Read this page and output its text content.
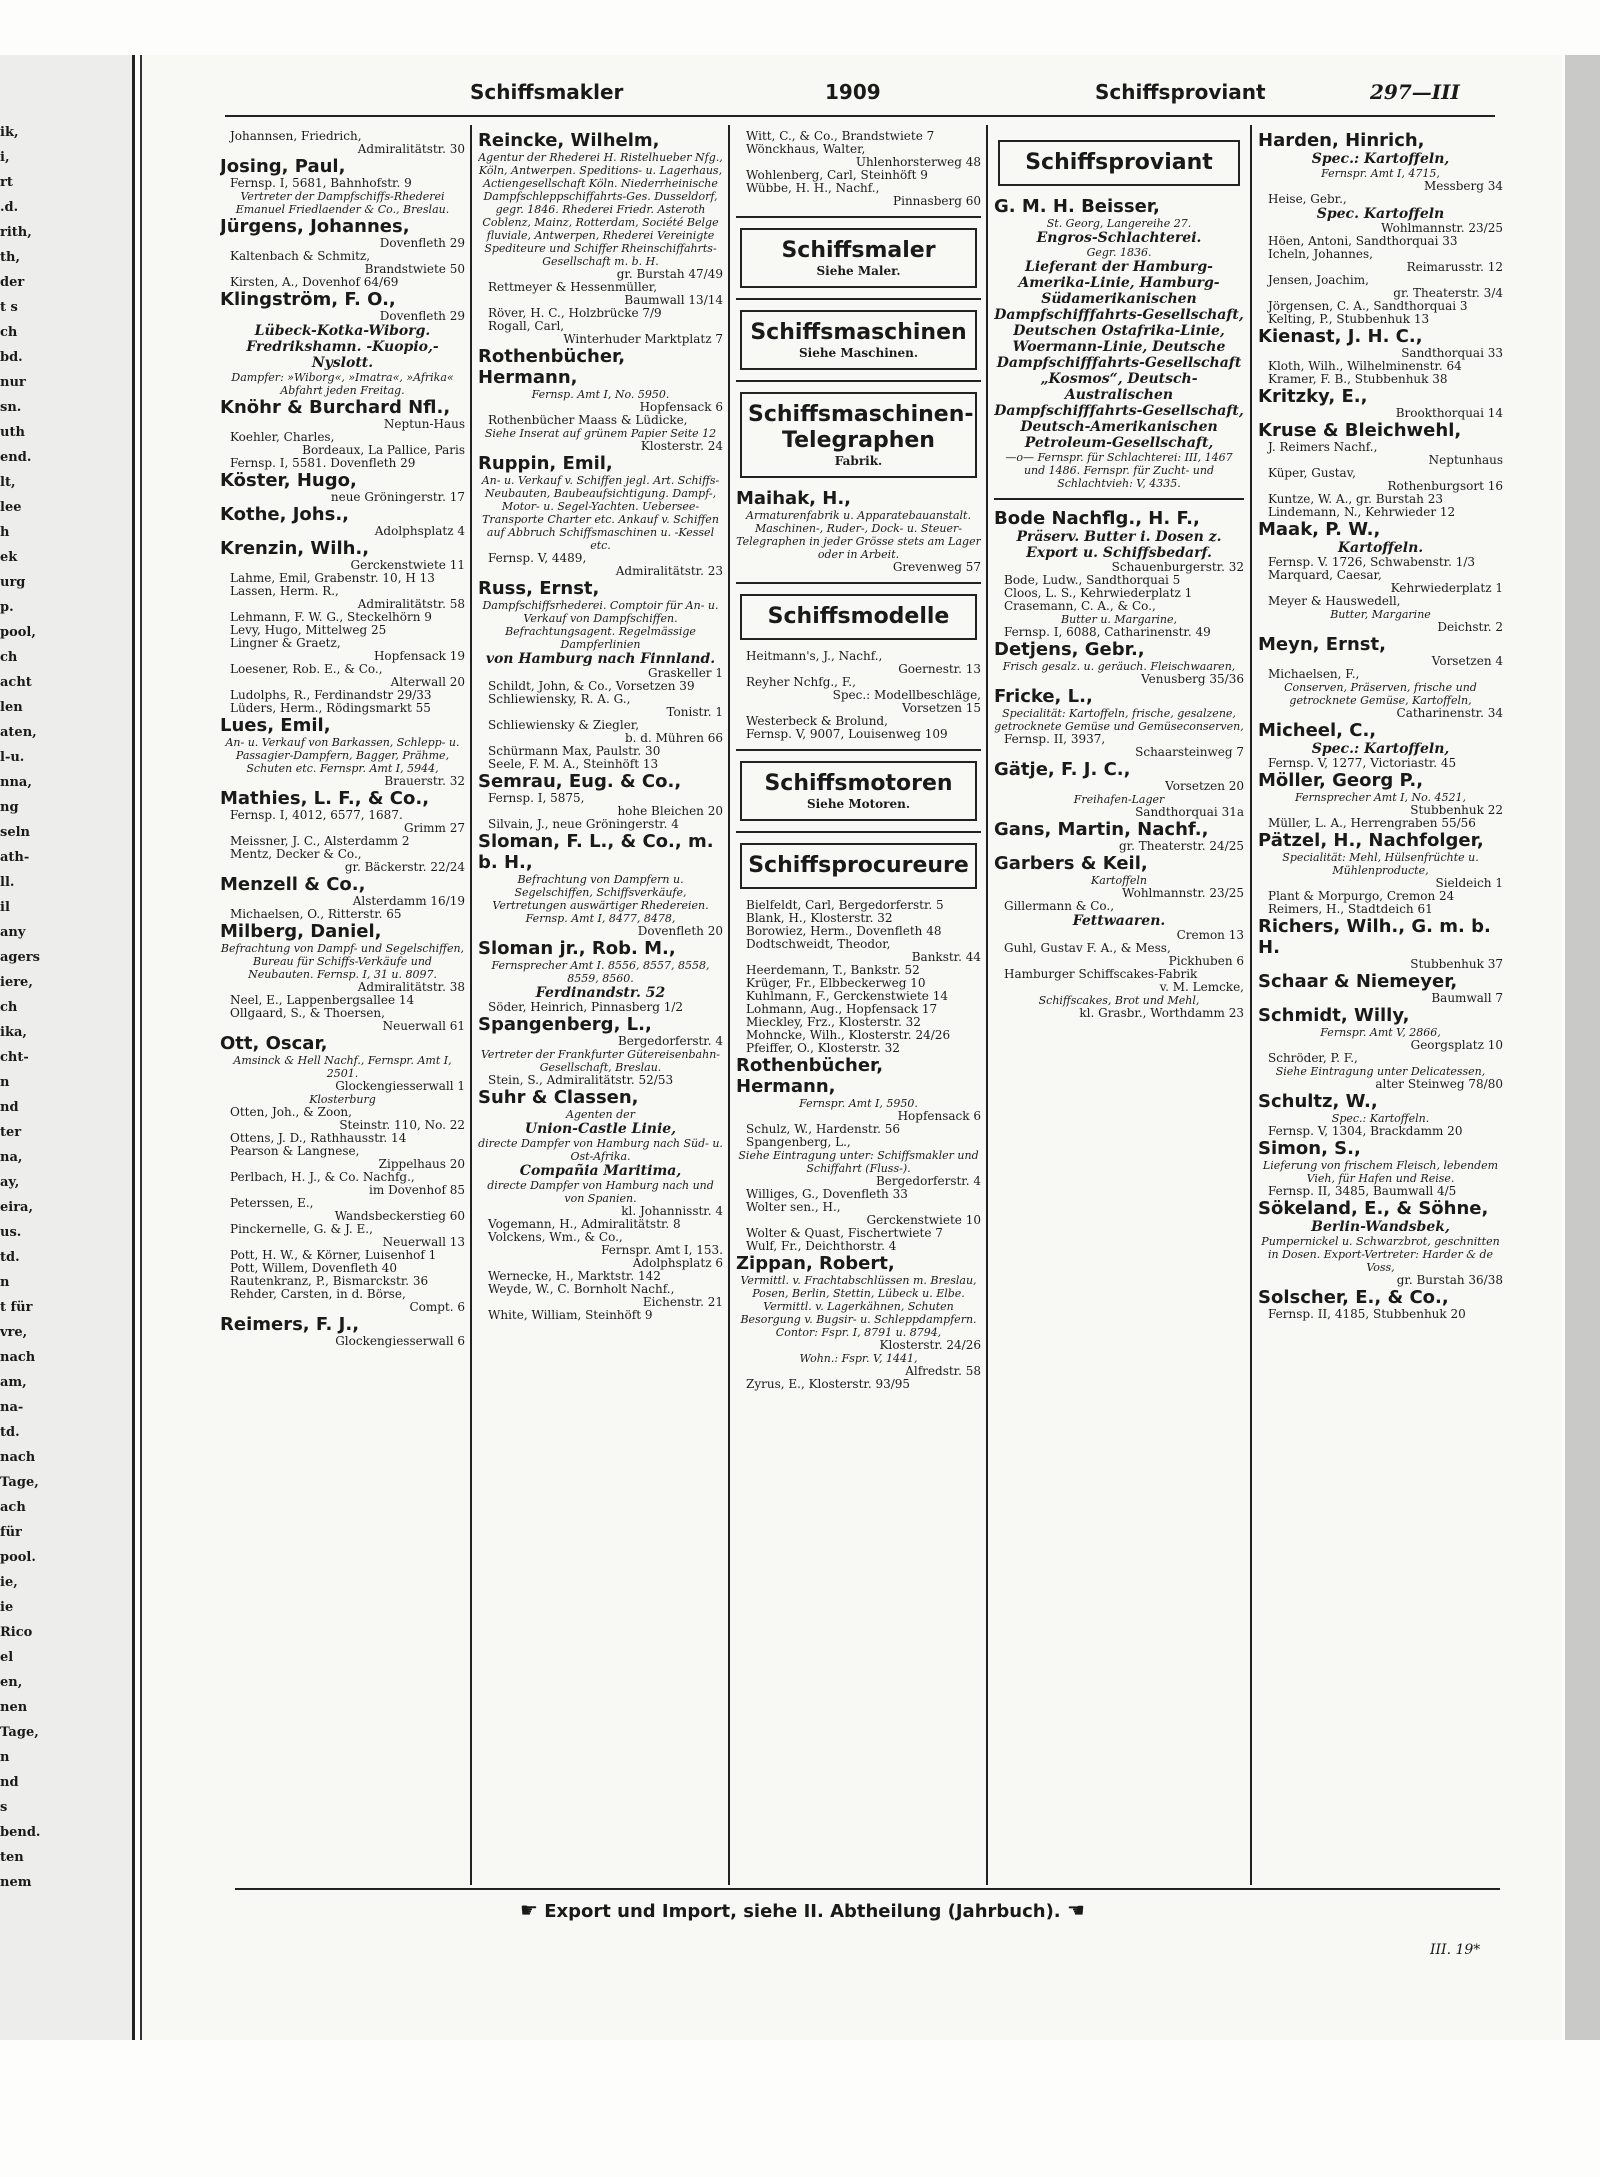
ik,
i,
rt
.d.
rith,
th,
der
t s
ch
bd.
nur
sn.
uth
end.
lt,
lee
h
ek
urg
p.
pool,
ch
acht
len
aten,
l-u.
nna,
ng
seln
ath-
ll.
il
any
agers
iere,
ch
ika,
cht-
n
nd
ter
na,
ay,
eira,
us.
td.
n
t für
vre,
nach
am,
na-
td.
nach
Tage,
ach
für
pool.
ie,
ie
Rico
el
en,
nen
Tage,
n
nd
s
bend.
ten
nem
Schiffsmakler	1909	Schiffsproviant	297—III
Johannsen, Friedrich,
Admiralitätstr. 30
Josing, Paul,
Fernsp. I, 5681, Bahnhofstr. 9
Vertreter der Dampfschiffs-Rhederei Emanuel Friedlaender & Co., Breslau.
Jürgens, Johannes,
Dovenfleth 29
Kaltenbach & Schmitz,
Brandstwiete 50
Kirsten, A., Dovenhof 64/69
Klingström, F. O.,
Dovenfleth 29
Lübeck-Kotka-Wiborg.
Fredrikshamn. -Kuopio,-Nyslott.
Dampfer: »Wiborg«, »Imatra«, »Afrika« Abfahrt jeden Freitag.
Knöhr & Burchard Nfl.,
Neptun-Haus
Koehler, Charles,
Bordeaux, La Pallice, Paris
Fernsp. I, 5581. Dovenfleth 29
Köster, Hugo,
neue Gröningerstr. 17
Kothe, Johs.,
Adolphsplatz 4
Krenzin, Wilh.,
Gerckenstwiete 11
Lahme, Emil, Grabenstr. 10, H 13
Lassen, Herm. R.,
Admiralitätstr. 58
Lehmann, F. W. G., Steckelhörn 9
Levy, Hugo, Mittelweg 25
Lingner & Graetz,
Hopfensack 19
Loesener, Rob. E., & Co.,
Alterwall 20
Ludolphs, R., Ferdinandstr 29/33
Lüders, Herm., Rödingsmarkt 55
Lues, Emil,
An- u. Verkauf von Barkassen, Schlepp- u. Passagier-Dampfern, Bagger, Prähme, Schuten etc. Fernspr. Amt I, 5944,
Brauerstr. 32
Mathies, L. F., & Co.,
Fernsp. I, 4012, 6577, 1687.
Grimm 27
Meissner, J. C., Alsterdamm 2
Mentz, Decker & Co.,
gr. Bäckerstr. 22/24
Menzell & Co.,
Alsterdamm 16/19
Michaelsen, O., Ritterstr. 65
Milberg, Daniel,
Befrachtung von Dampf- und Segelschiffen, Bureau für Schiffs-Verkäufe und Neubauten. Fernsp. I, 31 u. 8097.
Admiralitätstr. 38
Neel, E., Lappenbergsallee 14
Ollgaard, S., & Thoersen,
Neuerwall 61
Ott, Oscar,
Amsinck & Hell Nachf., Fernspr. Amt I, 2501.
Glockengiesserwall 1
Klosterburg
Otten, Joh., & Zoon,
Steinstr. 110, No. 22
Ottens, J. D., Rathhausstr. 14
Pearson & Langnese,
Zippelhaus 20
Perlbach, H. J., & Co. Nachfg.,
im Dovenhof 85
Peterssen, E.,
Wandsbeckerstieg 60
Pinckernelle, G. & J. E.,
Neuerwall 13
Pott, H. W., & Körner, Luisenhof 1
Pott, Willem, Dovenfleth 40
Rautenkranz, P., Bismarckstr. 36
Rehder, Carsten, in d. Börse,
Compt. 6
Reimers, F. J.,
Glockengiesserwall 6
Reincke, Wilhelm,
Agentur der Rhederei H. Ristelhueber Nfg., Köln, Antwerpen. Speditions- u. Lagerhaus, Actiengesellschaft Köln. Niederrheinische Dampfschleppschiffahrts-Ges. Dusseldorf, gegr. 1846. Rhederei Friedr. Asteroth Coblenz, Mainz, Rotterdam, Société Belge fluviale, Antwerpen, Rhederei Vereinigte Spediteure und Schiffer Rheinschiffahrts-Gesellschaft m. b. H.
gr. Burstah 47/49
Rettmeyer & Hessenmüller,
Baumwall 13/14
Röver, H. C., Holzbrücke 7/9
Rogall, Carl,
Winterhuder Marktplatz 7
Rothenbücher, Hermann,
Fernsp. Amt I, No. 5950.
Hopfensack 6
Rothenbücher Maass & Lüdicke,
Siehe Inserat auf grünem Papier Seite 12
Klosterstr. 24
Ruppin, Emil,
An- u. Verkauf v. Schiffen jegl. Art. Schiffs-Neubauten, Baubeaufsichtigung. Dampf-, Motor- u. Segel-Yachten. Uebersee-Transporte Charter etc. Ankauf v. Schiffen auf Abbruch Schiffsmaschinen u. -Kessel etc.
Fernsp. V, 4489,
Admiralitätstr. 23
Russ, Ernst,
Dampfschiffsrhederei. Comptoir für An- u. Verkauf von Dampfschiffen. Befrachtungsagent. Regelmässige Dampferlinien
von Hamburg nach Finnland.
Graskeller 1
Schildt, John, & Co., Vorsetzen 39
Schliewiensky, R. A. G.,
Tonistr. 1
Schliewiensky & Ziegler,
b. d. Mühren 66
Schürmann Max, Paulstr. 30
Seele, F. M. A., Steinhöft 13
Semrau, Eug. & Co.,
Fernsp. I, 5875,
hohe Bleichen 20
Silvain, J., neue Gröningerstr. 4
Sloman, F. L., & Co., m. b. H.,
Befrachtung von Dampfern u. Segelschiffen, Schiffsverkäufe, Vertretungen auswärtiger Rhedereien. Fernsp. Amt I, 8477, 8478,
Dovenfleth 20
Sloman jr., Rob. M.,
Fernsprecher Amt I. 8556, 8557, 8558, 8559, 8560.
Ferdinandstr. 52
Söder, Heinrich, Pinnasberg 1/2
Spangenberg, L.,
Bergedorferstr. 4
Vertreter der Frankfurter Gütereisenbahn-Gesellschaft, Breslau.
Stein, S., Admiralitätstr. 52/53
Suhr & Classen,
Agenten der
Union-Castle Linie,
directe Dampfer von Hamburg nach Süd- u. Ost-Afrika.
Compañia Maritima,
directe Dampfer von Hamburg nach und von Spanien.
kl. Johannisstr. 4
Vogemann, H., Admiralitätstr. 8
Volckens, Wm., & Co.,
Fernspr. Amt I, 153.
Adolphsplatz 6
Wernecke, H., Marktstr. 142
Weyde, W., C. Bornholt Nachf.,
Eichenstr. 21
White, William, Steinhöft 9
Witt, C., & Co., Brandstwiete 7
Wönckhaus, Walter,
Uhlenhorsterweg 48
Wohlenberg, Carl, Steinhöft 9
Wübbe, H. H., Nachf.,
Pinnasberg 60
Schiffsmaler
Siehe Maler.
Schiffsmaschinen
Siehe Maschinen.
Schiffsmaschinen-Telegraphen
Fabrik.
Maihak, H.,
Armaturenfabrik u. Apparatebauanstalt. Maschinen-, Ruder-, Dock- u. Steuer-Telegraphen in jeder Grösse stets am Lager oder in Arbeit.
Grevenweg 57
Schiffsmodelle
Heitmann's, J., Nachf.,
Goernestr. 13
Reyher Nchfg., F.,
Spec.: Modellbeschläge,
Vorsetzen 15
Westerbeck & Brolund,
Fernsp. V, 9007, Louisenweg 109
Schiffsmotoren
Siehe Motoren.
Schiffsprocureure
Bielfeldt, Carl, Bergedorferstr. 5
Blank, H., Klosterstr. 32
Borowiez, Herm., Dovenfleth 48
Dodtschweidt, Theodor,
Bankstr. 44
Heerdemann, T., Bankstr. 52
Krüger, Fr., Elbbeckerweg 10
Kuhlmann, F., Gerckenstwiete 14
Lohmann, Aug., Hopfensack 17
Mieckley, Frz., Klosterstr. 32
Mohncke, Wilh., Klosterstr. 24/26
Pfeiffer, O., Klosterstr. 32
Rothenbücher, Hermann,
Fernspr. Amt I, 5950.
Hopfensack 6
Schulz, W., Hardenstr. 56
Spangenberg, L.,
Siehe Eintragung unter: Schiffsmakler und Schiffahrt (Fluss-).
Bergedorferstr. 4
Williges, G., Dovenfleth 33
Wolter sen., H.,
Gerckenstwiete 10
Wolter & Quast, Fischertwiete 7
Wulf, Fr., Deichthorstr. 4
Zippan, Robert,
Vermittl. v. Frachtabschlüssen m. Breslau, Posen, Berlin, Stettin, Lübeck u. Elbe. Vermittl. v. Lagerkähnen, Schuten Besorgung v. Bugsir- u. Schleppdampfern. Contor: Fspr. I, 8791 u. 8794,
Klosterstr. 24/26
Wohn.: Fspr. V, 1441,
Alfredstr. 58
Zyrus, E., Klosterstr. 93/95
Schiffsproviant
G. M. H. Beisser,
St. Georg, Langereihe 27.
Engros-Schlachterei.
Gegr. 1836.
Lieferant der Hamburg-Amerika-Linie, Hamburg-Südamerikanischen Dampfschifffahrts-Gesellschaft, Deutschen Ostafrika-Linie, Woermann-Linie, Deutsche Dampfschifffahrts-Gesellschaft „Kosmos“, Deutsch-Australischen Dampfschifffahrts-Gesellschaft, Deutsch-Amerikanischen Petroleum-Gesellschaft,
—o— Fernspr. für Schlachterei: III, 1467 und 1486. Fernspr. für Zucht- und Schlachtvieh: V, 4335.
Bode Nachflg., H. F.,
Präserv. Butter i. Dosen z. Export u. Schiffsbedarf.
Schauenburgerstr. 32
Bode, Ludw., Sandthorquai 5
Cloos, L. S., Kehrwiederplatz 1
Crasemann, C. A., & Co.,
Butter u. Margarine,
Fernsp. I, 6088, Catharinenstr. 49
Detjens, Gebr.,
Frisch gesalz. u. geräuch. Fleischwaaren,
Venusberg 35/36
Fricke, L.,
Specialität: Kartoffeln, frische, gesalzene, getrocknete Gemüse und Gemüseconserven,
Fernsp. II, 3937,
Schaarsteinweg 7
Gätje, F. J. C.,
Vorsetzen 20
Freihafen-Lager
Sandthorquai 31a
Gans, Martin, Nachf.,
gr. Theaterstr. 24/25
Garbers & Keil,
Kartoffeln
Wohlmannstr. 23/25
Gillermann & Co.,
Fettwaaren.
Cremon 13
Guhl, Gustav F. A., & Mess,
Pickhuben 6
Hamburger Schiffscakes-Fabrik
v. M. Lemcke,
Schiffscakes, Brot und Mehl,
kl. Grasbr., Worthdamm 23
Harden, Hinrich,
Spec.: Kartoffeln,
Fernspr. Amt I, 4715,
Messberg 34
Heise, Gebr.,
Spec. Kartoffeln
Wohlmannstr. 23/25
Höen, Antoni, Sandthorquai 33
Icheln, Johannes,
Reimarusstr. 12
Jensen, Joachim,
gr. Theaterstr. 3/4
Jörgensen, C. A., Sandthorquai 3
Kelting, P., Stubbenhuk 13
Kienast, J. H. C.,
Sandthorquai 33
Kloth, Wilh., Wilhelminenstr. 64
Kramer, F. B., Stubbenhuk 38
Kritzky, E.,
Brookthorquai 14
Kruse & Bleichwehl,
J. Reimers Nachf.,
Neptunhaus
Küper, Gustav,
Rothenburgsort 16
Kuntze, W. A., gr. Burstah 23
Lindemann, N., Kehrwieder 12
Maak, P. W.,
Kartoffeln.
Fernsp. V. 1726, Schwabenstr. 1/3
Marquard, Caesar,
Kehrwiederplatz 1
Meyer & Hauswedell,
Butter, Margarine
Deichstr. 2
Meyn, Ernst,
Vorsetzen 4
Michaelsen, F.,
Conserven, Präserven, frische und getrocknete Gemüse, Kartoffeln,
Catharinenstr. 34
Micheel, C.,
Spec.: Kartoffeln,
Fernsp. V, 1277, Victoriastr. 45
Möller, Georg P.,
Fernsprecher Amt I, No. 4521,
Stubbenhuk 22
Müller, L. A., Herrengraben 55/56
Pätzel, H., Nachfolger,
Specialität: Mehl, Hülsenfrüchte u. Mühlenproducte,
Sieldeich 1
Plant & Morpurgo, Cremon 24
Reimers, H., Stadtdeich 61
Richers, Wilh., G. m. b. H.
Stubbenhuk 37
Schaar & Niemeyer,
Baumwall 7
Schmidt, Willy,
Fernspr. Amt V, 2866,
Georgsplatz 10
Schröder, P. F.,
Siehe Eintragung unter Delicatessen,
alter Steinweg 78/80
Schultz, W.,
Spec.: Kartoffeln.
Fernsp. V, 1304, Brackdamm 20
Simon, S.,
Lieferung von frischem Fleisch, lebendem Vieh, für Hafen und Reise.
Fernsp. II, 3485, Baumwall 4/5
Sökeland, E., & Söhne,
Berlin-Wandsbek,
Pumpernickel u. Schwarzbrot, geschnitten in Dosen. Export-Vertreter: Harder & de Voss,
gr. Burstah 36/38
Solscher, E., & Co.,
Fernsp. II, 4185, Stubbenhuk 20
☛ Export und Import, siehe II. Abtheilung (Jahrbuch). ☚
III. 19*
